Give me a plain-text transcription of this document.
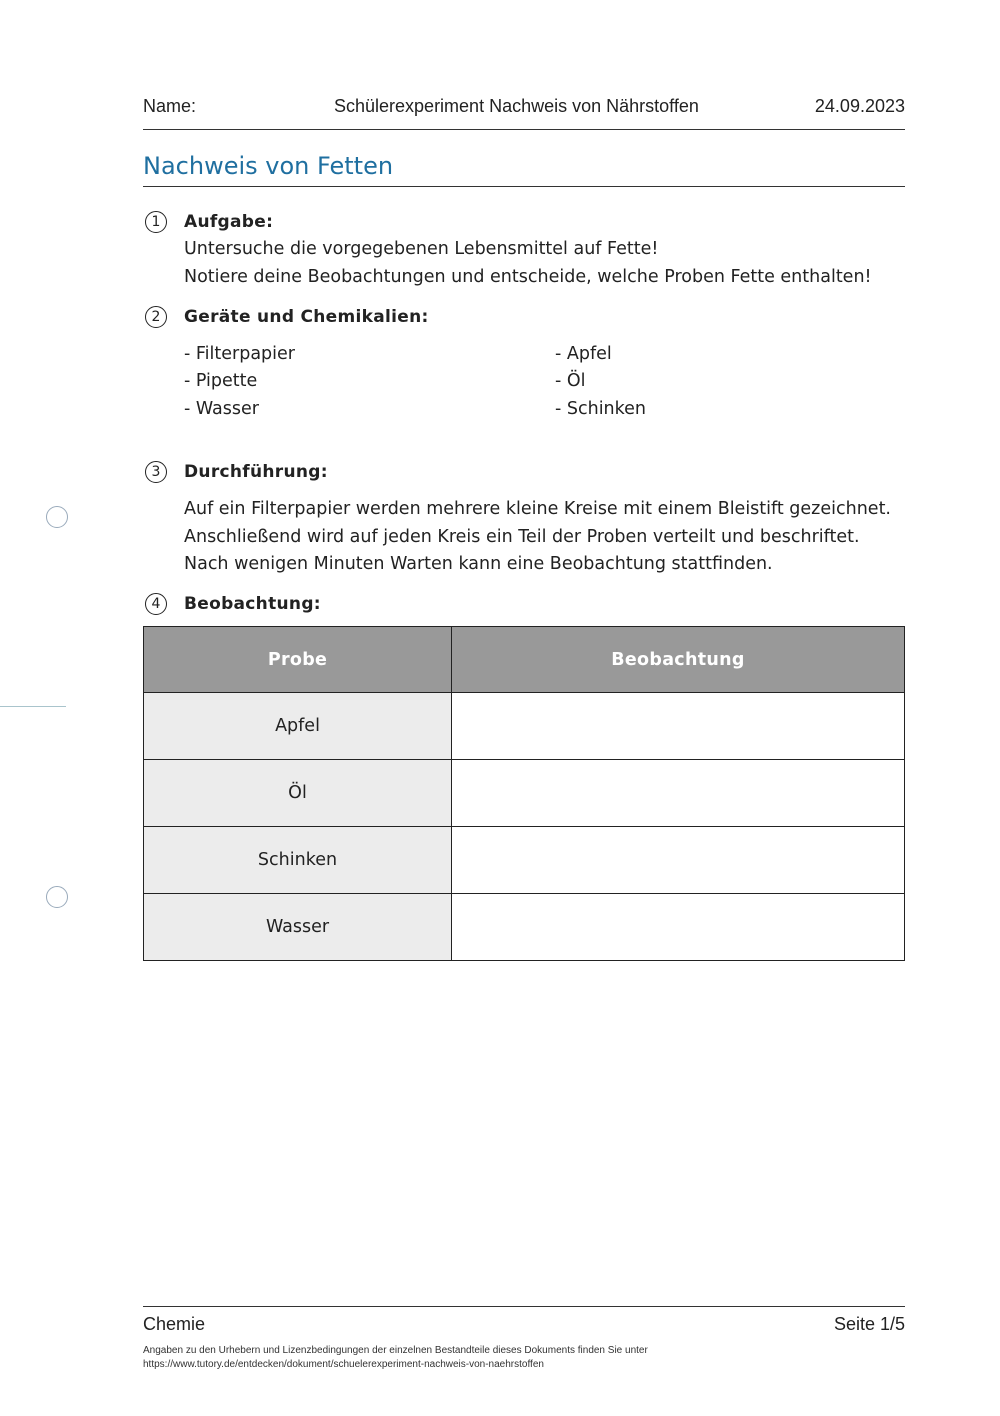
Name:	Schülerexperiment Nachweis von Nährstoffen	24.09.2023
Nachweis von Fetten
1	Aufgabe:
Untersuche die vorgegebenen Lebensmittel auf Fette!
Notiere deine Beobachtungen und entscheide, welche Proben Fette enthalten!
2	Geräte und Chemikalien:
- Filterpapier
- Pipette
- Wasser
- Apfel
- Öl
- Schinken
3	Durchführung:
Auf ein Filterpapier werden mehrere kleine Kreise mit einem Bleistift gezeichnet.
Anschließend wird auf jeden Kreis ein Teil der Proben verteilt und beschriftet.
Nach wenigen Minuten Warten kann eine Beobachtung stattfinden.
4	Beobachtung:
Probe	Beobachtung
Apfel	
Öl	
Schinken	
Wasser	
Chemie	Seite 1/5
Angaben zu den Urhebern und Lizenzbedingungen der einzelnen Bestandteile dieses Dokuments finden Sie unter
https://www.tutory.de/entdecken/dokument/schuelerexperiment-nachweis-von-naehrstoffen
